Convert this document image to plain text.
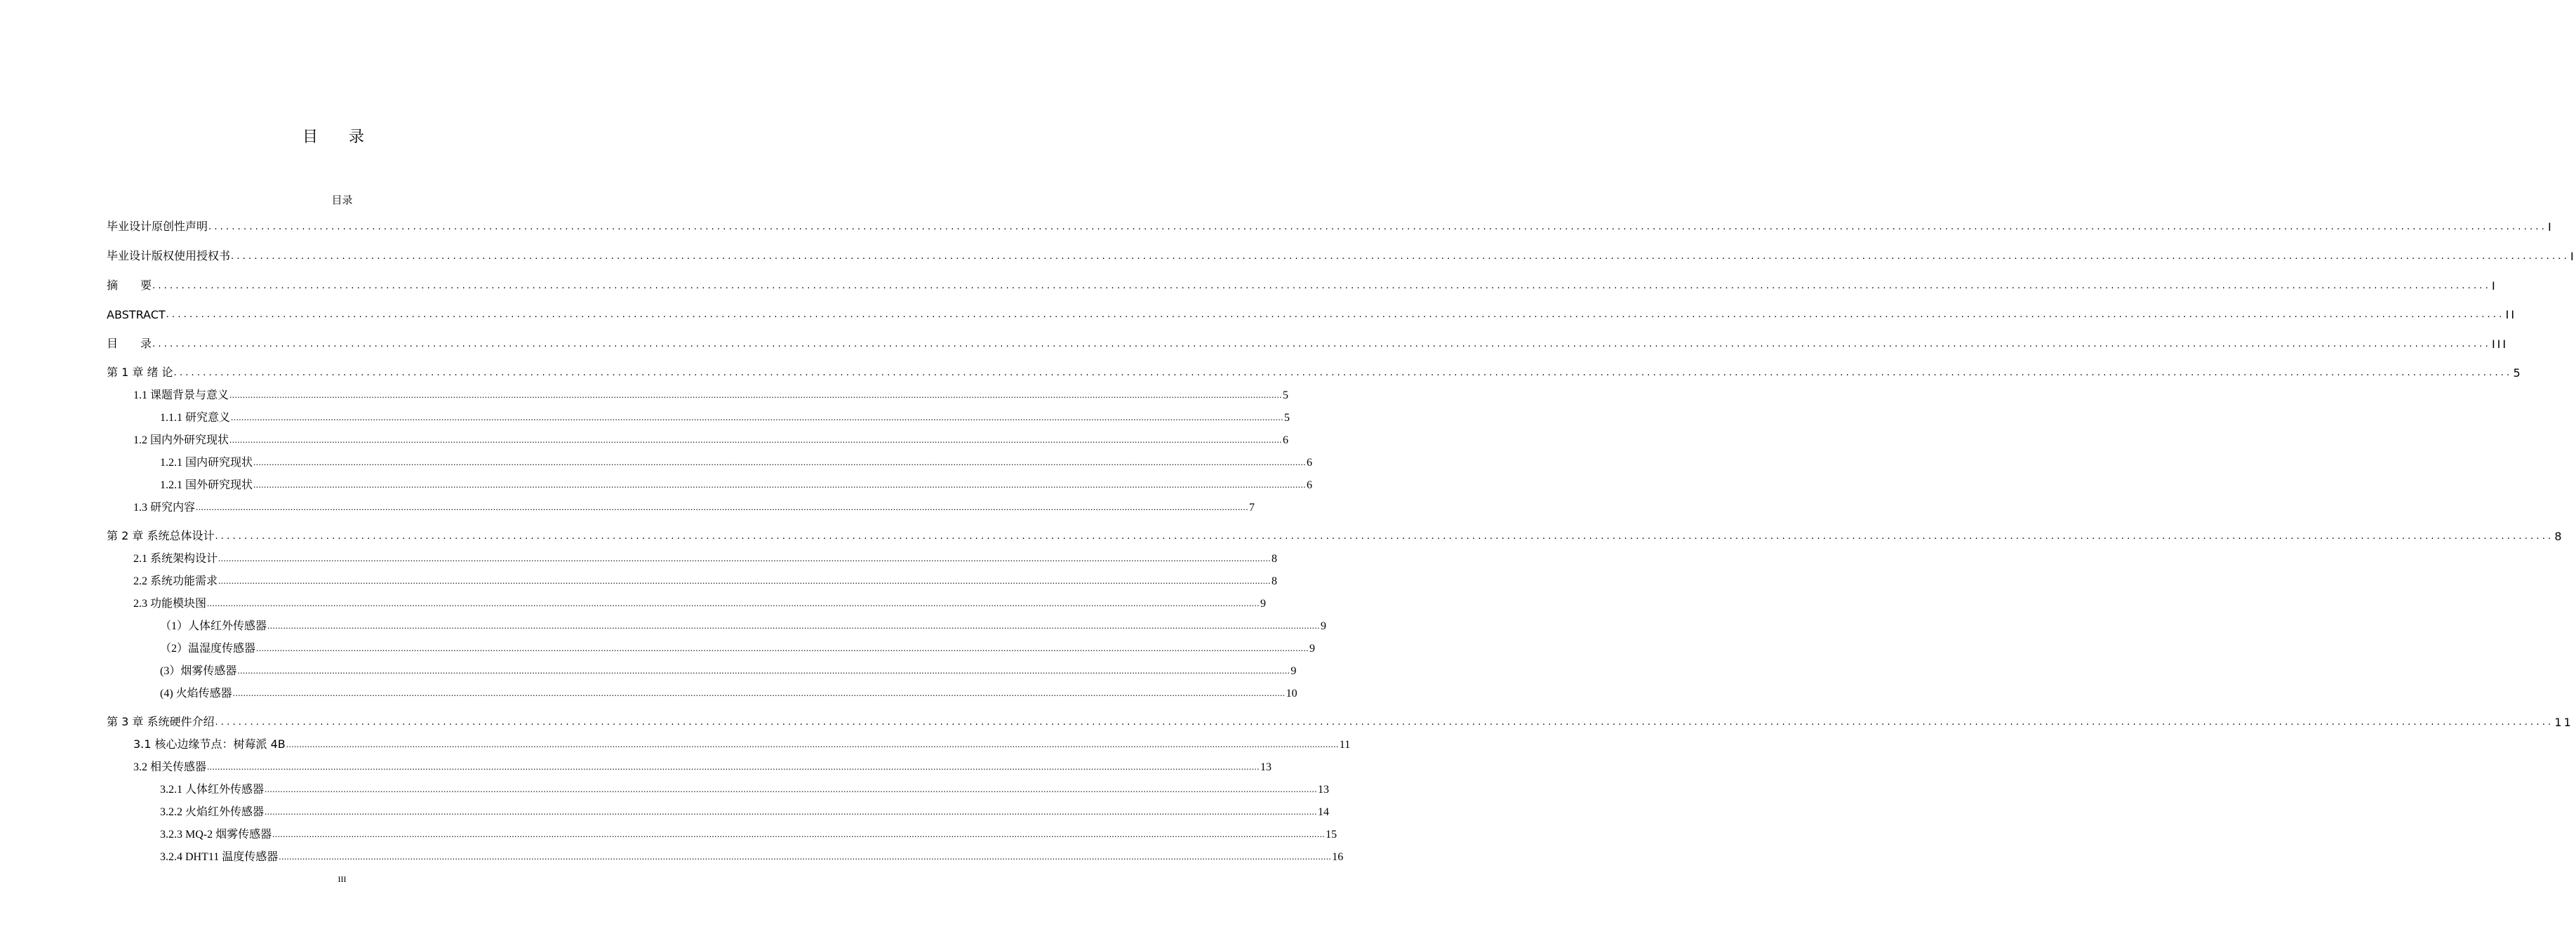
目　　录
目录
毕业设计原创性声明 ................................................................................................................................................................................................................................................................................................................................................................................................................ I
毕业设计版权使用授权书 ................................................................................................................................................................................................................................................................................................................................................................................................................ I
摘　　要 ................................................................................................................................................................................................................................................................................................................................................................................................................ I
ABSTRACT ................................................................................................................................................................................................................................................................................................................................................................................................................ II
目　　录 ................................................................................................................................................................................................................................................................................................................................................................................................................ III
第 1 章 绪 论 ................................................................................................................................................................................................................................................................................................................................................................................................................ 5
1.1 课题背景与意义 ................................................................................................................................................................................................................................................................................................................................................................................................................ 5
1.1.1 研究意义 ................................................................................................................................................................................................................................................................................................................................................................................................................ 5
1.2 国内外研究现状 ................................................................................................................................................................................................................................................................................................................................................................................................................ 6
1.2.1 国内研究现状 ................................................................................................................................................................................................................................................................................................................................................................................................................ 6
1.2.1 国外研究现状 ................................................................................................................................................................................................................................................................................................................................................................................................................ 6
1.3 研究内容 ................................................................................................................................................................................................................................................................................................................................................................................................................ 7
第 2 章 系统总体设计 ................................................................................................................................................................................................................................................................................................................................................................................................................ 8
2.1 系统架构设计 ................................................................................................................................................................................................................................................................................................................................................................................................................ 8
2.2 系统功能需求 ................................................................................................................................................................................................................................................................................................................................................................................................................ 8
2.3 功能模块图 ................................................................................................................................................................................................................................................................................................................................................................................................................ 9
（1）人体红外传感器 ................................................................................................................................................................................................................................................................................................................................................................................................................ 9
（2）温湿度传感器 ................................................................................................................................................................................................................................................................................................................................................................................................................ 9
(3）烟雾传感器 ................................................................................................................................................................................................................................................................................................................................................................................................................ 9
(4) 火焰传感器 ................................................................................................................................................................................................................................................................................................................................................................................................................ 10
第 3 章 系统硬件介绍 ................................................................................................................................................................................................................................................................................................................................................................................................................ 11
3.1 核心边缘节点：树莓派 4B ................................................................................................................................................................................................................................................................................................................................................................................................................ 11
3.2 相关传感器 ................................................................................................................................................................................................................................................................................................................................................................................................................ 13
3.2.1 人体红外传感器 ................................................................................................................................................................................................................................................................................................................................................................................................................ 13
3.2.2 火焰红外传感器 ................................................................................................................................................................................................................................................................................................................................................................................................................ 14
3.2.3 MQ-2 烟雾传感器 ................................................................................................................................................................................................................................................................................................................................................................................................................ 15
3.2.4 DHT11 温度传感器 ................................................................................................................................................................................................................................................................................................................................................................................................................ 16
III
